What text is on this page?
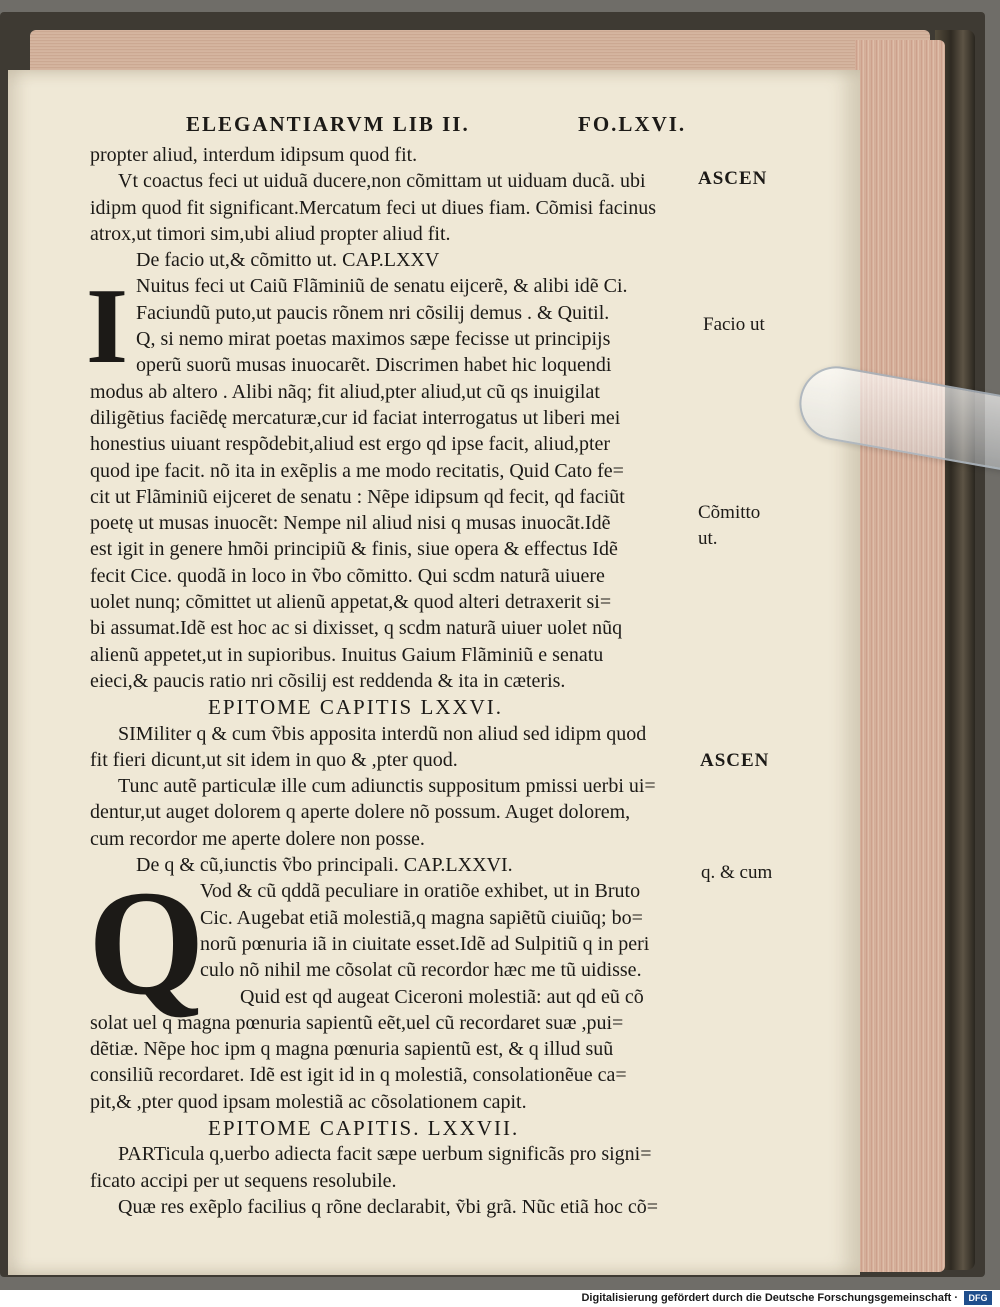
ELEGANTIARVM LIB II.	FO.LXVI.
propter aliud, interdum idipsum quod fit.
Vt coactus feci ut uiduã ducere,non cõmittam ut uiduam ducã. ubi
idipm quod fit significant.Mercatum feci ut diues fiam. Cõmisi facinus
atrox,ut timori sim,ubi aliud propter aliud fit.
De facio ut,& cõmitto ut. CAP.LXXV
I Nuitus feci ut Caiũ Flãminiũ de senatu eijcerẽ, & alibi idẽ Ci.
Faciundũ puto,ut paucis rõnem nri cõsilij demus . & Quitil.
Q, si nemo mirat poetas maximos sæpe fecisse ut principijs
operũ suorũ musas inuocarẽt. Discrimen habet hic loquendi
modus ab altero . Alibi nãq; fit aliud,pter aliud,ut cũ qs inuigilat
diligẽtius faciẽdę mercaturæ,cur id faciat interrogatus ut liberi mei
honestius uiuant respõdebit,aliud est ergo qd ipse facit, aliud,pter
quod ipe facit. nõ ita in exẽplis a me modo recitatis, Quid Cato fe=
cit ut Flãminiũ eijceret de senatu : Nẽpe idipsum qd fecit, qd faciũt
poetę ut musas inuocẽt: Nempe nil aliud nisi q musas inuocãt.Idẽ
est igit in genere hmõi principiũ & finis, siue opera & effectus Idẽ
fecit Cice. quodã in loco in ṽbo cõmitto. Qui scdm naturã uiuere
uolet nunq; cõmittet ut alienũ appetat,& quod alteri detraxerit si=
bi assumat.Idẽ est hoc ac si dixisset, q scdm naturã uiuer uolet nũq
alienũ appetet,ut in supioribus. Inuitus Gaium Flãminiũ e senatu
eieci,& paucis ratio nri cõsilij est reddenda & ita in cæteris.
EPITOME CAPITIS LXXVI.
SIMiliter q & cum ṽbis apposita interdũ non aliud sed idipm quod
fit fieri dicunt,ut sit idem in quo & ,pter quod.
Tunc autẽ particulæ ille cum adiunctis suppositum pmissi uerbi ui=
dentur,ut auget dolorem q aperte dolere nõ possum. Auget dolorem,
cum recordor me aperte dolere non posse.
De q & cũ,iunctis ṽbo principali. CAP.LXXVI.
Q
Vod & cũ qddã peculiare in oratiõe exhibet, ut in Bruto
Cic. Augebat etiã molestiã,q magna sapiẽtũ ciuiũq; bo=
norũ pœnuria iã in ciuitate esset.Idẽ ad Sulpitiũ q in peri
culo nõ nihil me cõsolat cũ recordor hæc me tũ uidisse.
Quid est qd augeat Ciceroni molestiã: aut qd eũ cõ
solat uel q magna pœnuria sapientũ eẽt,uel cũ recordaret suæ ,pui=
dẽtiæ. Nẽpe hoc ipm q magna pœnuria sapientũ est, & q illud suũ
consiliũ recordaret. Idẽ est igit id in q molestiã, consolationẽue ca=
pit,& ,pter quod ipsam molestiã ac cõsolationem capit.
EPITOME CAPITIS. LXXVII.
PARTicula q,uerbo adiecta facit sæpe uerbum significãs pro signi=
ficato accipi per ut sequens resolubile.
Quæ res exẽplo facilius q rõne declarabit, ṽbi grã. Nũc etiã hoc cõ=
ASCEN
Facio ut
Cõmitto
ut.
ASCEN
q. & cum
Digitalisierung gefördert durch die Deutsche Forschungsgemeinschaft ·	DFG
